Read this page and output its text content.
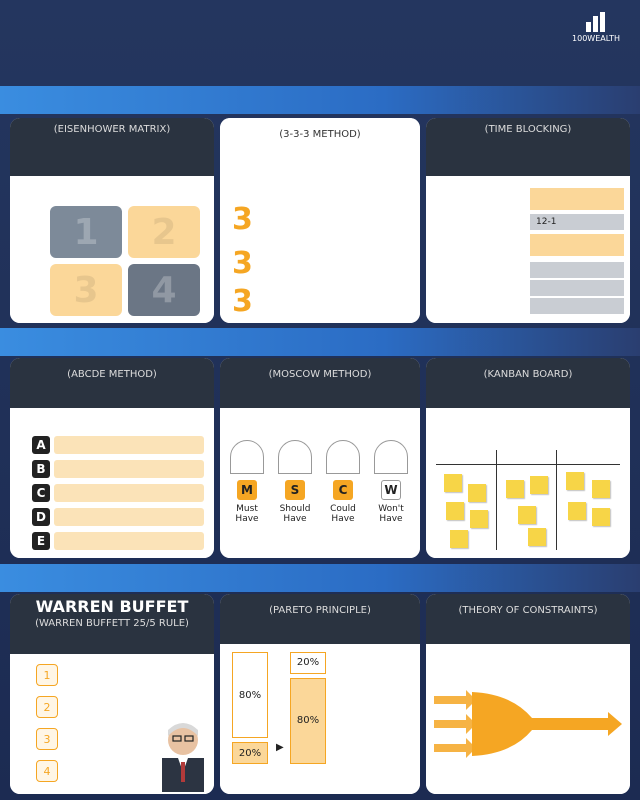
100WEALTH
(EISENHOWER MATRIX)
1 2
3 4
(3-3-3 METHOD)
3
3
3
(TIME BLOCKING)
12-1
(ABCDE METHOD)
A
B
C
D
E
(MOSCOW METHOD)
M
Must Have
S
Should Have
C
Could Have
W
Won't Have
(KANBAN BOARD)
WARREN BUFFET
(WARREN BUFFETT 25/5 RULE)
1
2
3
4
(PARETO PRINCIPLE)
80%
20%
▶
20%
80%
(THEORY OF CONSTRAINTS)
